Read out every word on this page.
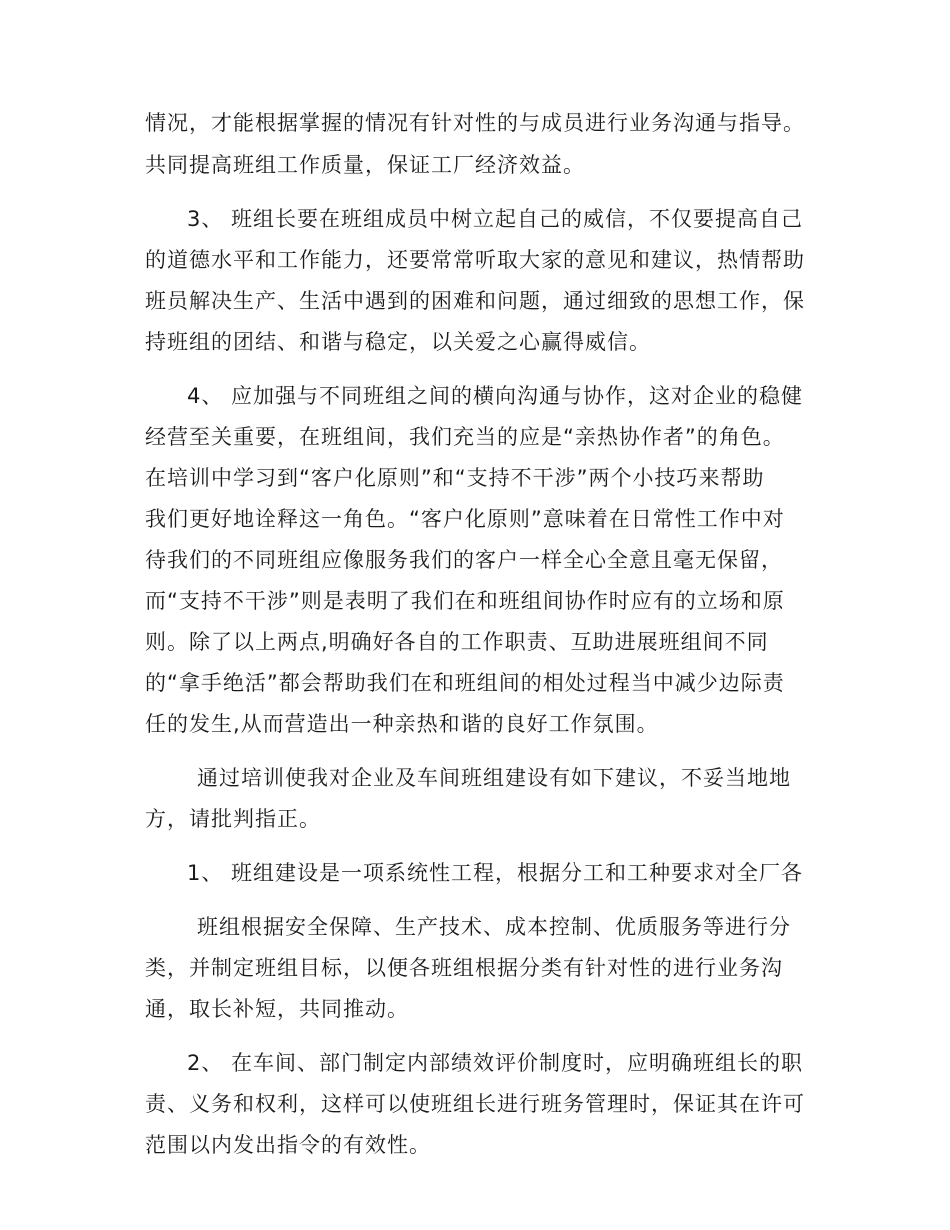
情况，才能根据掌握的情况有针对性的与成员进行业务沟通与指导。
共同提高班组工作质量，保证工厂经济效益。
3、 班组长要在班组成员中树立起自己的威信，不仅要提高自己
的道德水平和工作能力，还要常常听取大家的意见和建议，热情帮助
班员解决生产、生活中遇到的困难和问题，通过细致的思想工作，保
持班组的团结、和谐与稳定，以关爱之心赢得威信。
4、 应加强与不同班组之间的横向沟通与协作，这对企业的稳健
经营至关重要，在班组间，我们充当的应是“亲热协作者”的角色。
在培训中学习到“客户化原则”和“支持不干涉”两个小技巧来帮助
我们更好地诠释这一角色。“客户化原则”意味着在日常性工作中对
待我们的不同班组应像服务我们的客户一样全心全意且毫无保留，
而“支持不干涉”则是表明了我们在和班组间协作时应有的立场和原
则。除了以上两点,明确好各自的工作职责、互助进展班组间不同
的“拿手绝活”都会帮助我们在和班组间的相处过程当中减少边际责
任的发生,从而营造出一种亲热和谐的良好工作氛围。
通过培训使我对企业及车间班组建设有如下建议，不妥当地地
方，请批判指正。
1、 班组建设是一项系统性工程，根据分工和工种要求对全厂各
班组根据安全保障、生产技术、成本控制、优质服务等进行分
类，并制定班组目标，以便各班组根据分类有针对性的进行业务沟
通，取长补短，共同推动。
2、 在车间、部门制定内部绩效评价制度时，应明确班组长的职
责、义务和权利，这样可以使班组长进行班务管理时，保证其在许可
范围以内发出指令的有效性。
